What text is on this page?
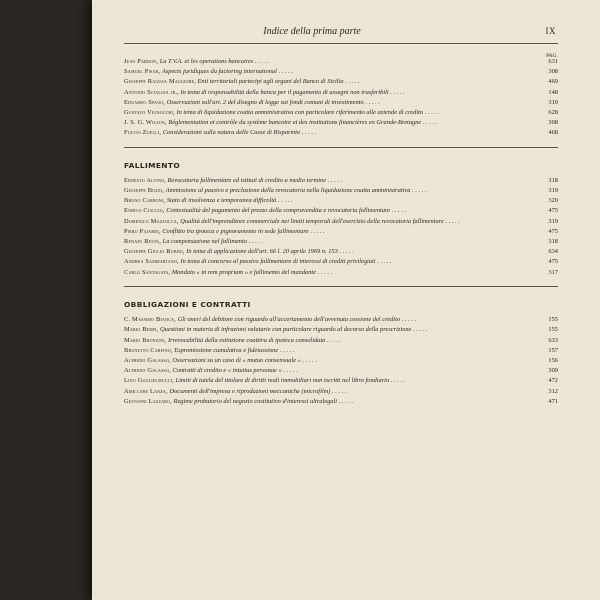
Indice della prima parte	IX
PAG.
Jean Pardon, La T.V.A. et les operations bancaires . . . . .	631
Samuel Pisar, Aspects juridiques du factoring international . . . . .	308
Giuseppe Ragusa Maggiore, Enti territoriali partecipi agli organi del Banco di Sicilia . . . . .	469
Antonio Scialoja jr., In tema di responsabilità della banca per il pagamento di assegni non trasferibili . . . . .	148
Eduardo Spano, Osservazioni sull'art. 2 del disegno di legge sui fondi comuni di investimento . . . . .	310
Gustavo Vignocchi, In tema di liquidazione coatta amministrativa con particolare riferimento alle aziende di credito . . . . .	628
J. S. G. Wilson, Réglementation et contrôle du système bancaire et des institutions financières en Grande-Bretagne . . . . .	308
Fulvio Zuelli, Considerazioni sulla natura delle Casse di Risparmio . . . . .	468
FALLIMENTO
Ernesto Alvino, Revocatoria fallimentare ed istituti di credito a medio termine . . . . .	318
Giuseppe Bozzi, Ammissione al passivo e preclusione della revocatoria nella liquidazione coatta amministrativa . . . . .	319
Bruno Carboni, Stato di insolvenza e temporanea difficoltà . . . . .	320
Enrico Ciaccio, Contestualità del pagamento del prezzo della compravendita e revocatoria fallimentare . . . . .	475
Domenico Mazzocca, Qualità dell'imprenditore commerciale nei limiti temporali dell'esercizio della revocatoria fallimentare . . . . .	319
Piero Pajardi, Conflitto tra ipoteca e pignoramento in sede fallimentare . . . . .	475
Renato Resta, La compensazione nel fallimento . . . . .	318
Giuseppe Giulio Rubini, In tema di applicazione dell'art. 66 l. 20 aprile 1969 n. 153 . . . . .	634
Andrea Sammartano, In tema di concorso al passivo fallimentare di interessi di crediti privilegiati . . . . .	475
Carlo Santagata, Mandato « in rem propriam » e fallimento del mandante . . . . .	317
OBBLIGAZIONI E CONTRATTI
C. Massimo Bianca, Gli oneri del debitore con riguardo all'accertamento dell'avvenuta cessione del credito . . . . .	155
Mario Berri, Questioni in materia di infrazioni valutarie con particolare riguardo al decorso della prescrizione . . . . .	155
Mario Bronzini, Irrevocabilità della estinzione coattiva di ipoteca consolidata . . . . .	633
Brunetto Carpino, Espromissione cumulativa e fideiussione . . . . .	157
Alfredo Galasso, Osservazioni su un caso di « mutuo consensuale » . . . . .	156
Alfredo Galasso, Contratti di credito e « intuitus personae » . . . . .	309
Lino Guglielmucci, Limiti di tutela del titolare di diritti reali immobiliari non iscritti nel libro fondiario . . . . .	472
Amilcare Lanza, Documenti dell'impresa e riproduzioni meccaniche (microfilm) . . . . .	312
Giovanni Lazzaro, Regime probatorio del negozio costitutivo d'interessi ultralegali . . . . .	471
